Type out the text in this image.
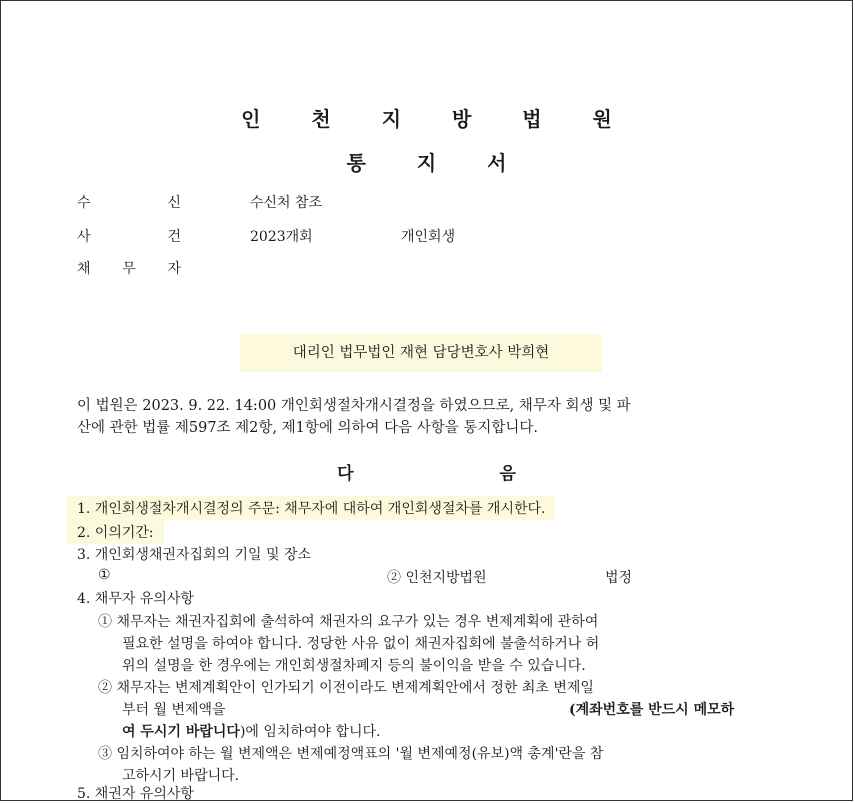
인 천 지 방 법 원
통 지 서
수	신	수신처 참조
사	건	2023개회	개인회생
채 무 자
대리인 법무법인 재현 담당변호사 박희현
이 법원은 2023. 9. 22. 14:00 개인회생절차개시결정을 하였으므로, 채무자 회생 및 파
산에 관한 법률 제597조 제2항, 제1항에 의하여 다음 사항을 통지합니다.
다 음
1. 개인회생절차개시결정의 주문: 채무자에 대하여 개인회생절차를 개시한다.
2. 이의기간:
3. 개인회생채권자집회의 기일 및 장소
①	② 인천지방법원	법정
4. 채무자 유의사항
① 채무자는 채권자집회에 출석하여 채권자의 요구가 있는 경우 변제계획에 관하여
필요한 설명을 하여야 합니다. 정당한 사유 없이 채권자집회에 불출석하거나 허
위의 설명을 한 경우에는 개인회생절차폐지 등의 불이익을 받을 수 있습니다.
② 채무자는 변제계획안이 인가되기 이전이라도 변제계획안에서 정한 최초 변제일
부터 월 변제액을	(계좌번호를 반드시 메모하
여 두시기 바랍니다)에 임치하여야 합니다.
③ 임치하여야 하는 월 변제액은 변제예정액표의 '월 변제예정(유보)액 총계'란을 참
고하시기 바랍니다.
5. 채권자 유의사항
